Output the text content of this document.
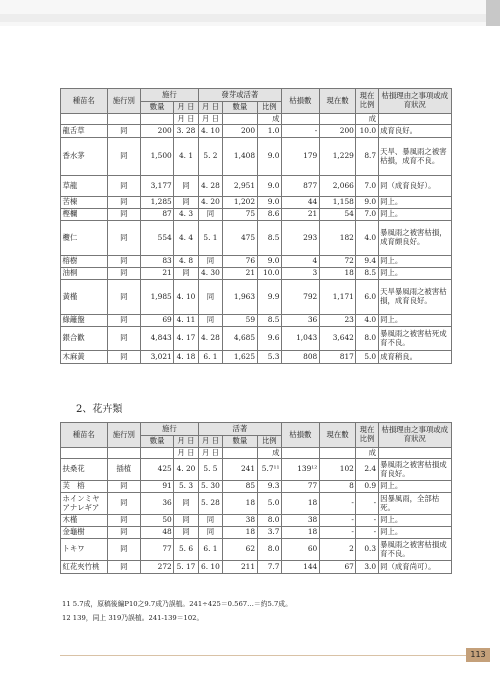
種苗名	施行別	施行		發芽或活著			枯損數	現在數	現在比例	枯損理由之事項或成育狀況
		數量	月 日	月 日	數量	比例				
			月 日	月 日		成			成	
龍舌草	同	200	3. 28	4. 10	200	1.0	-	200	10.0	成育良好。
香水茅	同	1,500	4. 1	5. 2	1,408	9.0	179	1,229	8.7	天旱、暴風雨之被害枯損，成育不良。
草龍	同	3,177	同	4. 28	2,951	9.0	877	2,066	7.0	同（成育良好）。
苦楝	同	1,285	同	4. 20	1,202	9.0	44	1,158	9.0	同上。
樫欄	同	87	4. 3	同	75	8.6	21	54	7.0	同上。
欖仁	同	554	4. 4	5. 1	475	8.5	293	182	4.0	暴風雨之被害枯損，成育頗良好。
榕樹	同	83	4. 8	同	76	9.0	4	72	9.4	同上。
油桐	同	21	同	4. 30	21	10.0	3	18	8.5	同上。
黃槿	同	1,985	4. 10	同	1,963	9.9	792	1,171	6.0	天旱暴風雨之被害枯損，成育良好。
綠籬盤	同	69	4. 11	同	59	8.5	36	23	4.0	同上。
銀合歡	同	4,843	4. 17	4. 28	4,685	9.6	1,043	3,642	8.0	暴風雨之被害枯死成育不良。
木麻黃	同	3,021	4. 18	6. 1	1,625	5.3	808	817	5.0	成育稍良。
2、花卉類
種苗名	施行別	施行		活著			枯損數	現在數	現在比例	枯損理由之事項或成育狀況
		數量	月 日	月 日	數量	比例				
			月 日	月 日		成			成	
扶桑花	插植	425	4. 20	5. 5	241	5.7¹¹	139¹²	102	2.4	暴風雨之被害枯損成育良好。
芙　榕	同	91	5. 3	5. 30	85	9.3	77	8	0.9	同上。
ホインミヤアナレギア	同	36	同	5. 28	18	5.0	18	-	-	因暴風雨，全部枯死。
木槿	同	50	同	同	38	8.0	38	-	-	同上。
金龜樹	同	48	同	同	18	3.7	18	-	-	同上。
トキワ	同	77	5. 6	6. 1	62	8.0	60	2	0.3	暴風雨之被害枯損成育不良。
紅花夾竹桃	同	272	5. 17	6. 10	211	7.7	144	67	3.0	同（成育尚可）。
11 5.7成，原稿後編P10之9.7成乃誤植。241÷425＝0.567…＝約5.7成。
12 139，同上 319乃誤植。241-139＝102。
113
